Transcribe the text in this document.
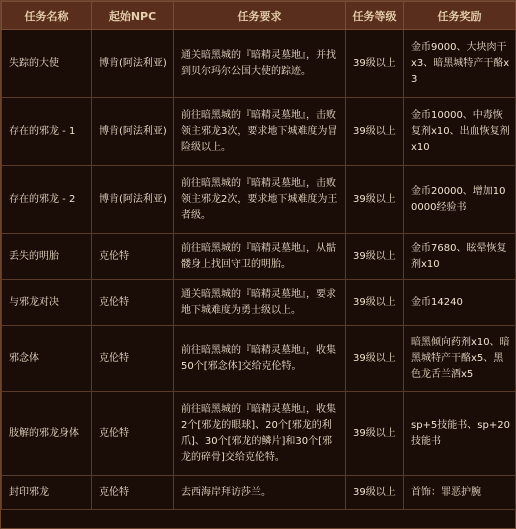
任务名称	起始NPC	任务要求	任务等级	任务奖励
失踪的大使	博肯(阿法利亚)	通关暗黑城的『暗精灵墓地』，并找到贝尔玛尔公国大使的踪迹。	39级以上	金币9000、大块肉干x3、暗黑城特产干酪x3
存在的邪龙 - 1	博肯(阿法利亚)	前往暗黑城的『暗精灵墓地』，击败领主邪龙3次，要求地下城难度为冒险级以上。	39级以上	金币10000、中毒恢复剂x10、出血恢复剂x10
存在的邪龙 - 2	博肯(阿法利亚)	前往暗黑城的『暗精灵墓地』，击败领主邪龙2次，要求地下城难度为王者级。	39级以上	金币20000、增加100000经验书
丢失的明胎	克伦特	前往暗黑城的『暗精灵墓地』，从骷髅身上找回守卫的明胎。	39级以上	金币7680、眩晕恢复剂x10
与邪龙对决	克伦特	通关暗黑城的『暗精灵墓地』，要求地下城难度为勇士级以上。	39级以上	金币14240
邪念体	克伦特	前往暗黑城的『暗精灵墓地』，收集50个[邪念体]交给克伦特。	39级以上	暗黑倾向药剂x10、暗黑城特产干酪x5、黑色龙舌兰酒x5
肢解的邪龙身体	克伦特	前往暗黑城的『暗精灵墓地』，收集2个[邪龙的眼球]、20个[邪龙的利爪]、30个[邪龙的鳞片]和30个[邪龙的碎骨]交给克伦特。	39级以上	sp+5技能书、sp+20技能书
封印邪龙	克伦特	去西海岸拜访莎兰。	39级以上	首饰：罪恶护腕
